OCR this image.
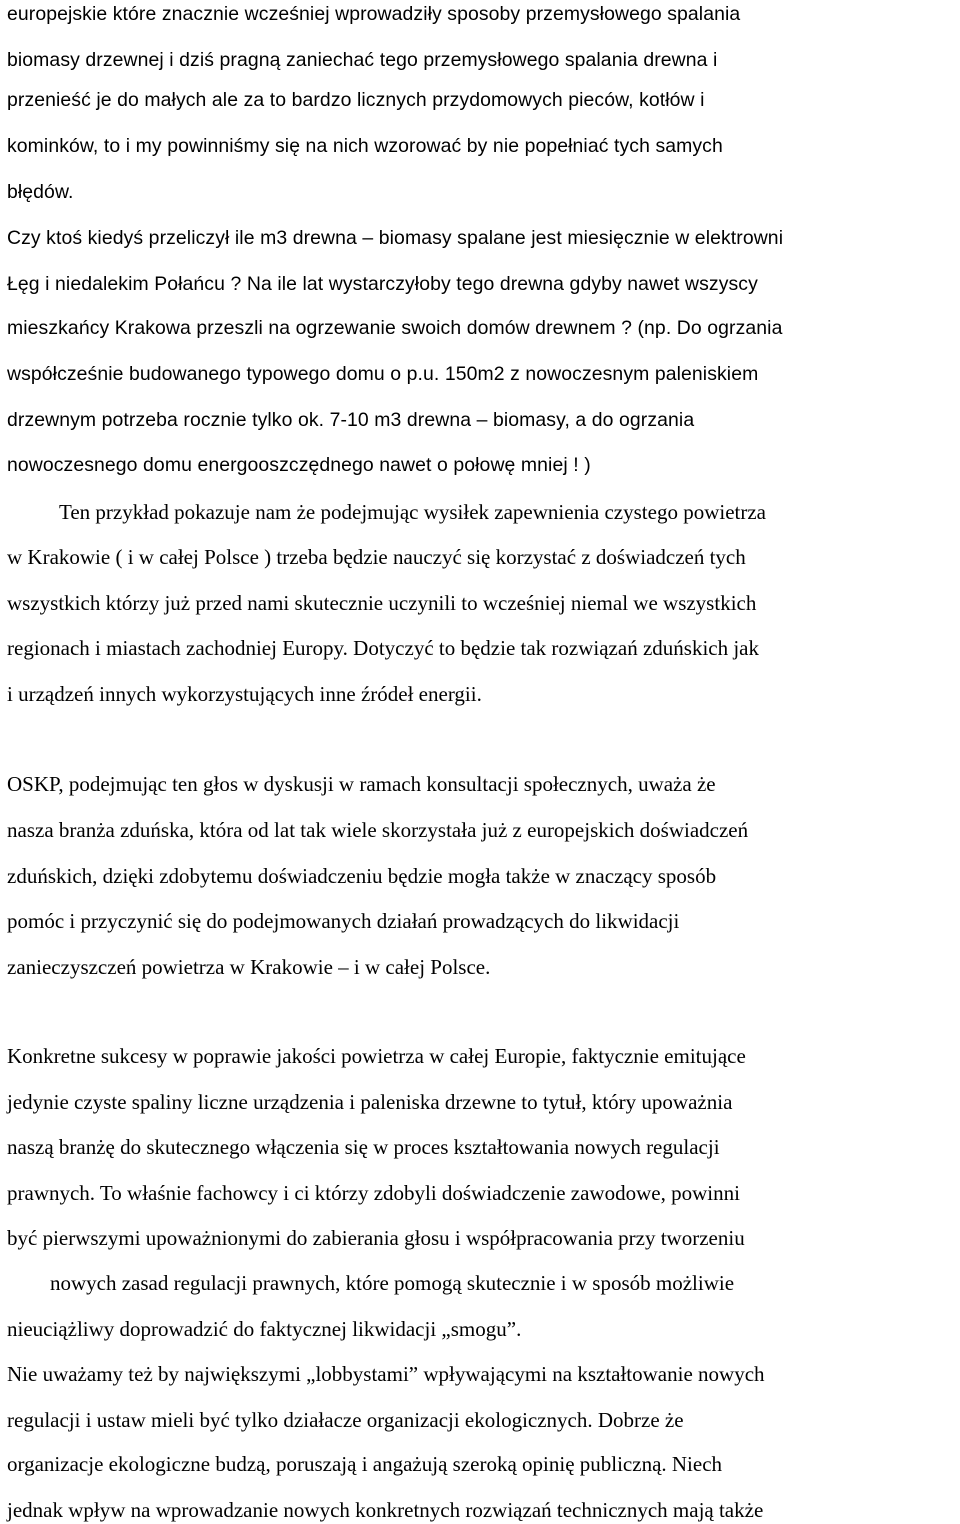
europejskie które znacznie wcześniej wprowadziły sposoby przemysłowego spalania

biomasy drzewnej i dziś pragną zaniechać tego przemysłowego spalania drewna i

przenieść je do małych ale za to bardzo licznych przydomowych pieców, kotłów i

kominków, to i my powinniśmy się na nich wzorować by nie popełniać tych samych

błędów.

Czy ktoś kiedyś przeliczył ile m3 drewna – biomasy spalane jest miesięcznie w elektrowni

Łęg i niedalekim Połańcu ? Na ile lat wystarczyłoby tego drewna gdyby nawet wszyscy

mieszkańcy Krakowa przeszli na ogrzewanie swoich domów drewnem ? (np. Do ogrzania

współcześnie budowanego typowego domu o p.u. 150m2 z nowoczesnym paleniskiem

drzewnym potrzeba rocznie tylko ok. 7-10 m3 drewna – biomasy, a do ogrzania

nowoczesnego domu energooszczędnego nawet o połowę mniej ! )

Ten przykład pokazuje nam że podejmując wysiłek zapewnienia czystego powietrza

w Krakowie ( i w całej Polsce ) trzeba będzie nauczyć się korzystać z doświadczeń tych

wszystkich którzy już przed nami skutecznie uczynili to wcześniej niemal we wszystkich

regionach i miastach zachodniej Europy. Dotyczyć to będzie tak rozwiązań zduńskich jak

i urządzeń innych wykorzystujących inne źródeł energii.

OSKP, podejmując ten głos w dyskusji w ramach konsultacji społecznych, uważa że

nasza branża zduńska, która od lat tak wiele skorzystała już z europejskich doświadczeń

zduńskich, dzięki zdobytemu doświadczeniu będzie mogła także w znaczący sposób

pomóc i przyczynić się do podejmowanych działań prowadzących do likwidacji

zanieczyszczeń powietrza w Krakowie – i w całej Polsce.

Konkretne sukcesy w poprawie jakości powietrza w całej Europie, faktycznie emitujące

jedynie czyste spaliny liczne urządzenia i paleniska drzewne to tytuł, który upoważnia

naszą branżę do skutecznego włączenia się w proces kształtowania nowych regulacji

prawnych. To właśnie fachowcy i ci którzy zdobyli doświadczenie zawodowe, powinni

być pierwszymi upoważnionymi do zabierania głosu i współpracowania przy tworzeniu

nowych zasad regulacji prawnych, które pomogą skutecznie i w sposób możliwie

nieuciążliwy doprowadzić do faktycznej likwidacji „smogu”.

Nie uważamy też by największymi „lobbystami” wpływającymi na kształtowanie nowych

regulacji i ustaw mieli być tylko działacze organizacji ekologicznych. Dobrze że

organizacje ekologiczne budzą, poruszają i angażują szeroką opinię publiczną. Niech

jednak wpływ na wprowadzanie nowych konkretnych rozwiązań technicznych mają także
